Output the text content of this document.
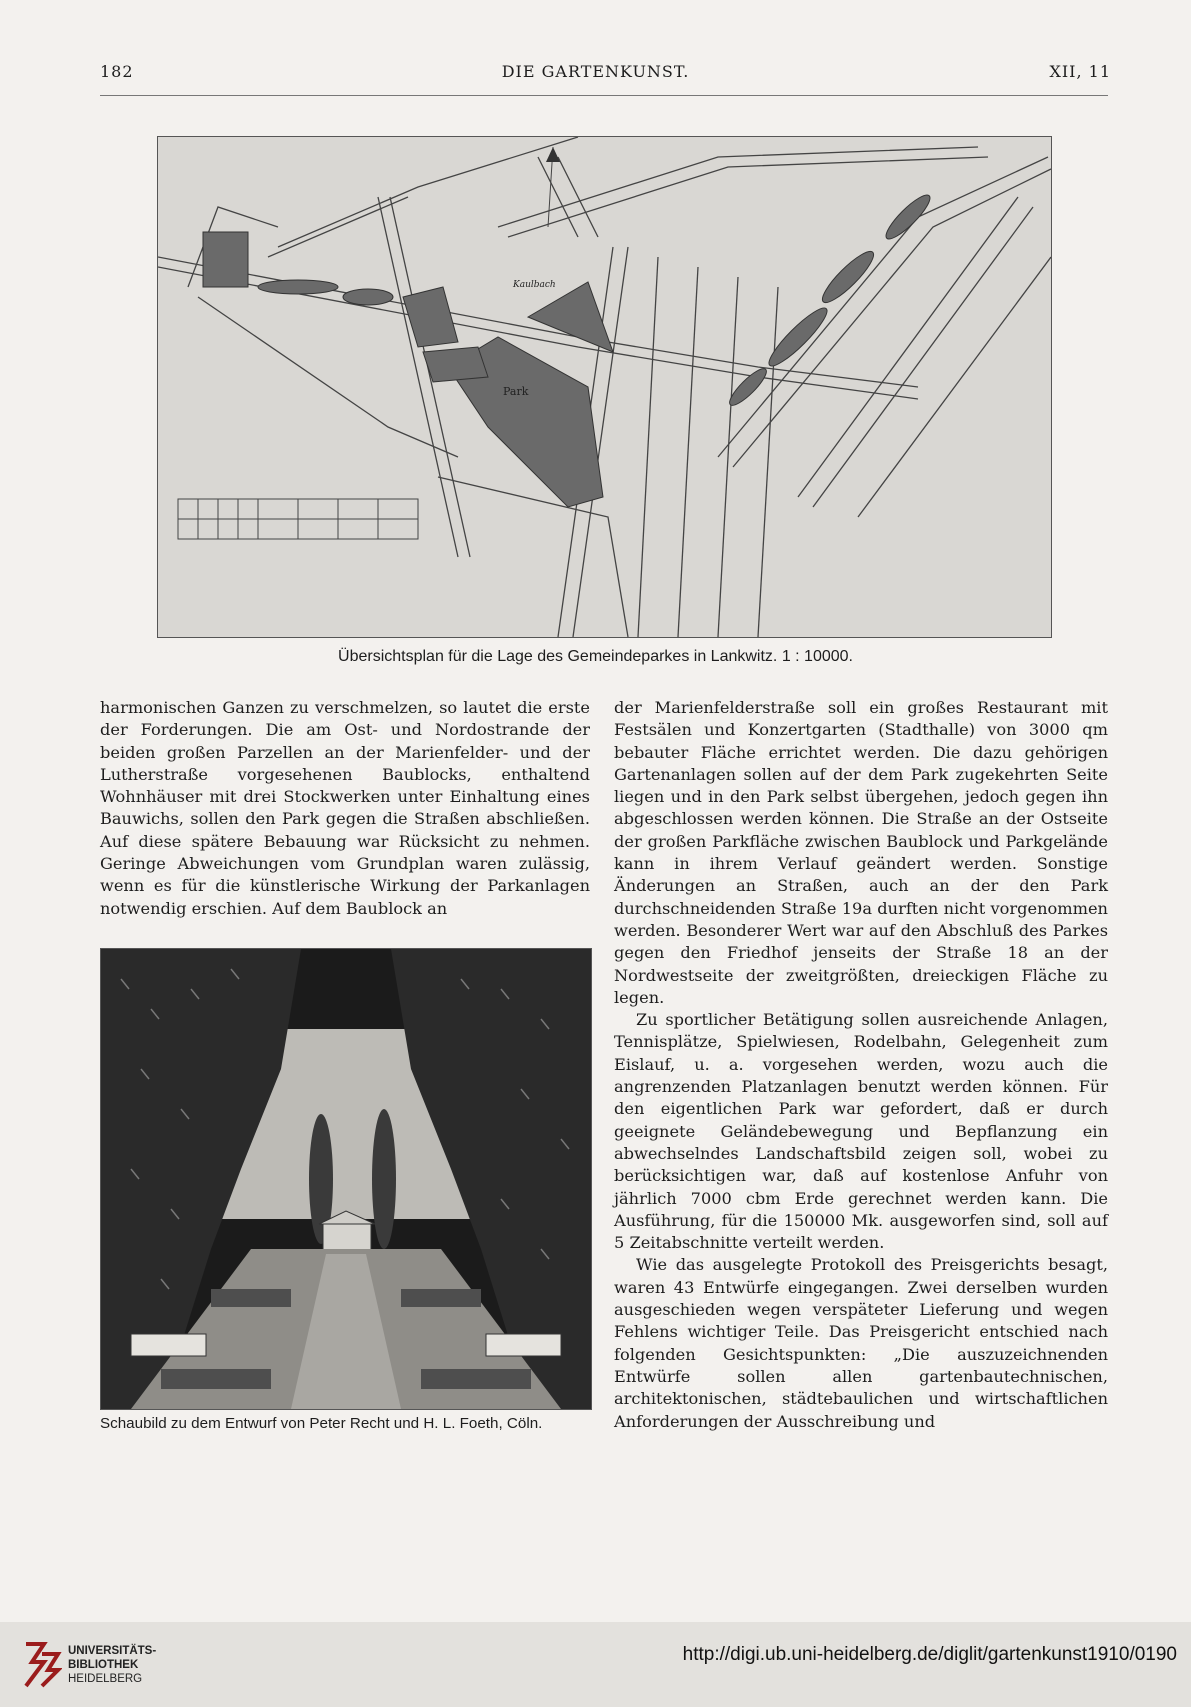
182	DIE GARTENKUNST.	XII, 11
Park
Kaulbach
Übersichtsplan für die Lage des Gemeindeparkes in Lankwitz. 1 : 10000.

harmonischen Ganzen zu verschmelzen, so lautet die erste der Forderungen. Die am Ost- und Nordostrande der beiden großen Parzellen an der Marienfelder- und der Lutherstraße vorgesehenen Baublocks, enthaltend Wohnhäuser mit drei Stockwerken unter Einhaltung eines Bauwichs, sollen den Park gegen die Straßen abschließen. Auf diese spätere Bebauung war Rücksicht zu nehmen. Geringe Abweichungen vom Grundplan waren zulässig, wenn es für die künstlerische Wirkung der Parkanlagen notwendig erschien. Auf dem Baublock an

Schaubild zu dem Entwurf von Peter Recht und H. L. Foeth, Cöln.

der Marienfelderstraße soll ein großes Restaurant mit Festsälen und Konzertgarten (Stadthalle) von 3000 qm bebauter Fläche errichtet werden. Die dazu gehörigen Gartenanlagen sollen auf der dem Park zugekehrten Seite liegen und in den Park selbst übergehen, jedoch gegen ihn abgeschlossen werden können. Die Straße an der Ostseite der großen Parkfläche zwischen Baublock und Parkgelände kann in ihrem Verlauf geändert werden. Sonstige Änderungen an Straßen, auch an der den Park durchschneidenden Straße 19a durften nicht vorgenommen werden. Besonderer Wert war auf den Abschluß des Parkes gegen den Friedhof jenseits der Straße 18 an der Nordwestseite der zweitgrößten, dreieckigen Fläche zu legen.

Zu sportlicher Betätigung sollen ausreichende Anlagen, Tennisplätze, Spielwiesen, Rodelbahn, Gelegenheit zum Eislauf, u. a. vorgesehen werden, wozu auch die angrenzenden Platzanlagen benutzt werden können. Für den eigentlichen Park war gefordert, daß er durch geeignete Geländebewegung und Bepflanzung ein abwechselndes Landschaftsbild zeigen soll, wobei zu berücksichtigen war, daß auf kostenlose Anfuhr von jährlich 7000 cbm Erde gerechnet werden kann. Die Ausführung, für die 150000 Mk. ausgeworfen sind, soll auf 5 Zeitabschnitte verteilt werden.

Wie das ausgelegte Protokoll des Preisgerichts besagt, waren 43 Entwürfe eingegangen. Zwei derselben wurden ausgeschieden wegen verspäteter Lieferung und wegen Fehlens wichtiger Teile. Das Preisgericht entschied nach folgenden Gesichtspunkten: „Die auszuzeichnenden Entwürfe sollen allen gartenbautechnischen, architektonischen, städtebaulichen und wirtschaftlichen Anforderungen der Ausschreibung und

UNIVERSITÄTS-
BIBLIOTHEK
HEIDELBERG
http://digi.ub.uni-heidelberg.de/diglit/gartenkunst1910/0190
